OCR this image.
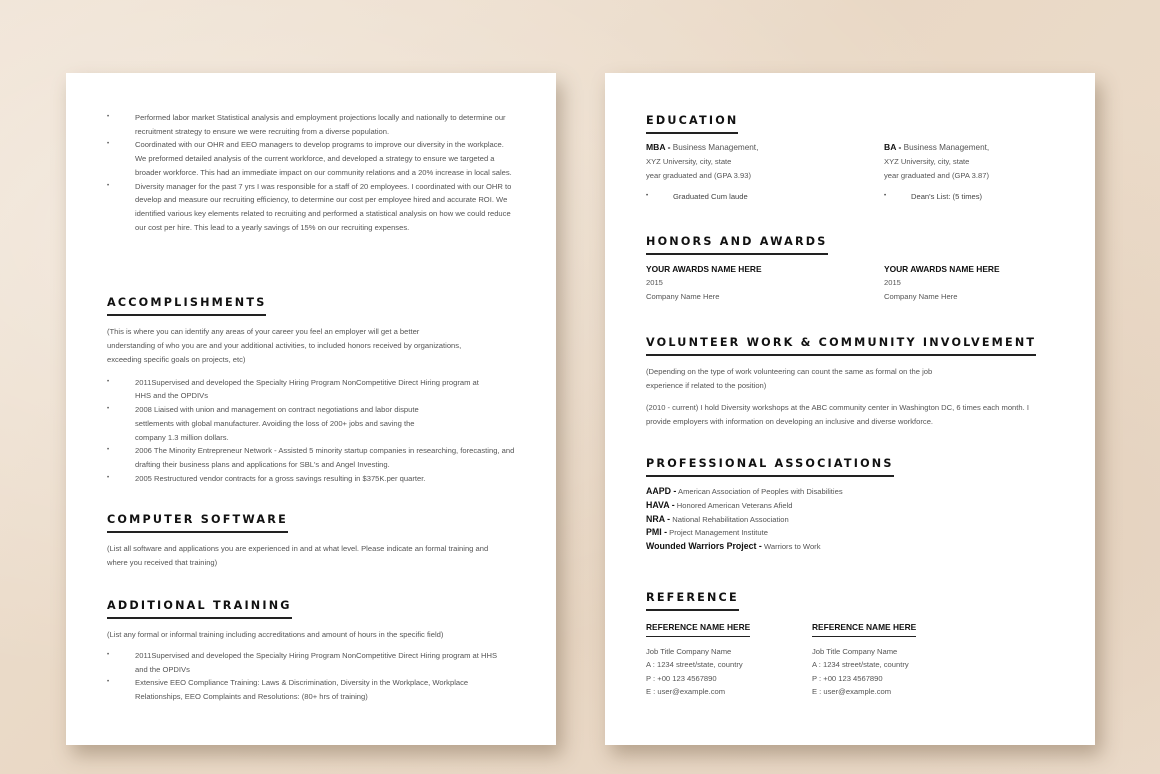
• Performed labor market Statistical analysis and employment projections locally and nationally to determine our recruitment strategy to ensure we were recruiting from a diverse population.
• Coordinated with our OHR and EEO managers to develop programs to improve our diversity in the workplace. We preformed detailed analysis of the current workforce, and developed a strategy to ensure we targeted a broader workforce. This had an immediate impact on our community relations and a 20% increase in local sales.
• Diversity manager for the past 7 yrs I was responsible for a staff of 20 employees. I coordinated with our OHR to develop and measure our recruiting efficiency, to determine our cost per employee hired and accurate ROI. We identified various key elements related to recruiting and performed a statistical analysis on how we could reduce our cost per hire. This lead to a yearly savings of 15% on our recruiting expenses.
ACCOMPLISHMENTS
(This is where you can identify any areas of your career you feel an employer will get a better understanding of who you are and your additional activities, to included honors received by organizations, exceeding specific goals on projects, etc)
• 2011Supervised and developed the Specialty Hiring Program NonCompetitive Direct Hiring program at HHS and the OPDIVs
• 2008 Liaised with union and management on contract negotiations and labor dispute settlements with global manufacturer. Avoiding the loss of 200+ jobs and saving the company 1.3 million dollars.
• 2006 The Minority Entrepreneur Network - Assisted 5 minority startup companies in researching, forecasting, and drafting their business plans and applications for SBL's and Angel Investing.
• 2005 Restructured vendor contracts for a gross savings resulting in $375K.per quarter.
COMPUTER SOFTWARE
(List all software and applications you are experienced in and at what level. Please indicate an formal training and where you received that training)
ADDITIONAL TRAINING
(List any formal or informal training including accreditations and amount of hours in the specific field)
• 2011Supervised and developed the Specialty Hiring Program NonCompetitive Direct Hiring program at HHS and the OPDIVs
• Extensive EEO Compliance Training: Laws & Discrimination, Diversity in the Workplace, Workplace Relationships, EEO Complaints and Resolutions: (80+ hrs of training)
EDUCATION
MBA - Business Management,
XYZ University, city, state
year graduated and (GPA 3.93)
• Graduated Cum laude
BA - Business Management,
XYZ University, city, state
year graduated and (GPA 3.87)
• Dean's List: (5 times)
HONORS AND AWARDS
YOUR AWARDS NAME HERE
2015
Company Name Here
YOUR AWARDS NAME HERE
2015
Company Name Here
VOLUNTEER WORK & COMMUNITY INVOLVEMENT
(Depending on the type of work volunteering can count the same as formal on the job experience if related to the position)
(2010 - current) I hold Diversity workshops at the ABC community center in Washington DC, 6 times each month. I provide employers with information on developing an inclusive and diverse workforce.
PROFESSIONAL ASSOCIATIONS
AAPD - American Association of Peoples with Disabilities
HAVA - Honored American Veterans Afield
NRA - National Rehabilitation Association
PMI - Project Management Institute
Wounded Warriors Project - Warriors to Work
REFERENCE
REFERENCE NAME HERE
Job Title Company Name
A : 1234 street/state, country
P : +00 123 4567890
E : user@example.com
REFERENCE NAME HERE
Job Title Company Name
A : 1234 street/state, country
P : +00 123 4567890
E : user@example.com
